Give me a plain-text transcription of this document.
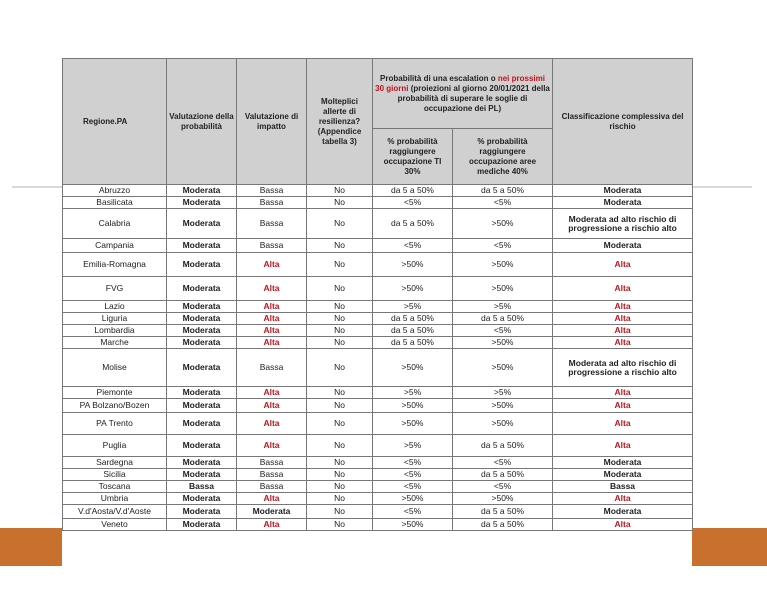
Regione.PA	Valutazione della probabilità	Valutazione di impatto	Molteplici allerte di resilienza? (Appendice tabella 3)	Probabilità di una escalation o nei prossimi 30 giorni (proiezioni al giorno 20/01/2021 della probabilità di superare le soglie di occupazione dei PL)		Classificazione complessiva del rischio
				% probabilità raggiungere occupazione TI 30%	% probabilità raggiungere occupazione aree mediche 40%	
Abruzzo	Moderata	Bassa	No	da 5 a 50%	da 5 a 50%	Moderata
Basilicata	Moderata	Bassa	No	<5%	<5%	Moderata
Calabria	Moderata	Bassa	No	da 5 a 50%	>50%	Moderata ad alto rischio di progressione a rischio alto
Campania	Moderata	Bassa	No	<5%	<5%	Moderata
Emilia-Romagna	Moderata	Alta	No	>50%	>50%	Alta
FVG	Moderata	Alta	No	>50%	>50%	Alta
Lazio	Moderata	Alta	No	>5%	>5%	Alta
Liguria	Moderata	Alta	No	da 5 a 50%	da 5 a 50%	Alta
Lombardia	Moderata	Alta	No	da 5 a 50%	<5%	Alta
Marche	Moderata	Alta	No	da 5 a 50%	>50%	Alta
Molise	Moderata	Bassa	No	>50%	>50%	Moderata ad alto rischio di progressione a rischio alto
Piemonte	Moderata	Alta	No	>5%	>5%	Alta
PA Bolzano/Bozen	Moderata	Alta	No	>50%	>50%	Alta
PA Trento	Moderata	Alta	No	>50%	>50%	Alta
Puglia	Moderata	Alta	No	>5%	da 5 a 50%	Alta
Sardegna	Moderata	Bassa	No	<5%	<5%	Moderata
Sicilia	Moderata	Bassa	No	<5%	da 5 a 50%	Moderata
Toscana	Bassa	Bassa	No	<5%	<5%	Bassa
Umbria	Moderata	Alta	No	>50%	>50%	Alta
V.d'Aosta/V.d'Aoste	Moderata	Moderata	No	<5%	da 5 a 50%	Moderata
Veneto	Moderata	Alta	No	>50%	da 5 a 50%	Alta
